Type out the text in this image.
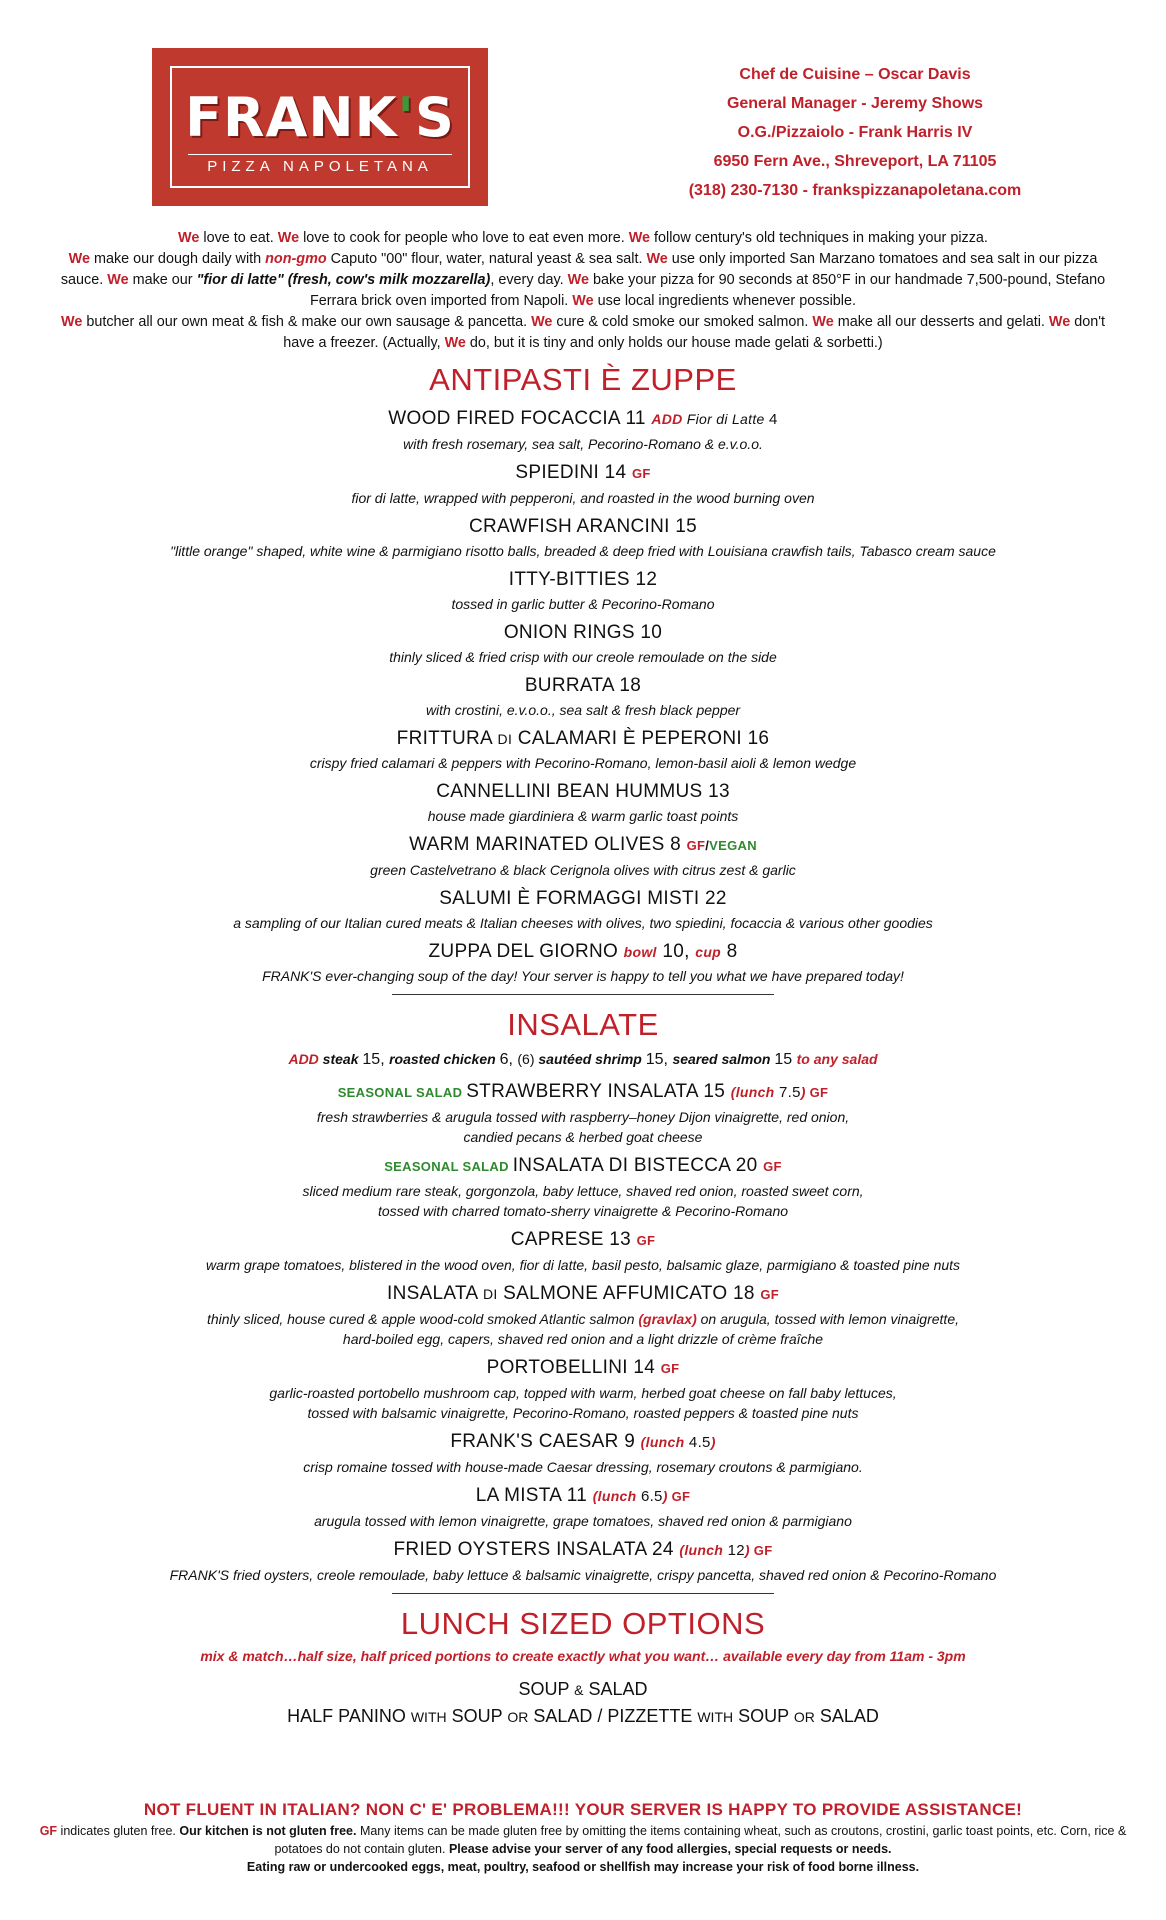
FRANK'S
PIZZA NAPOLETANA
Chef de Cuisine – Oscar Davis
General Manager - Jeremy Shows
O.G./Pizzaiolo - Frank Harris IV
6950 Fern Ave., Shreveport, LA 71105
(318) 230-7130 - frankspizzanapoletana.com
We love to eat. We love to cook for people who love to eat even more. We follow century's old techniques in making your pizza.
We make our dough daily with non-gmo Caputo "00" flour, water, natural yeast & sea salt. We use only imported San Marzano tomatoes and sea salt in our pizza sauce. We make our "fior di latte" (fresh, cow's milk mozzarella), every day. We bake your pizza for 90 seconds at 850°F in our handmade 7,500-pound, Stefano Ferrara brick oven imported from Napoli. We use local ingredients whenever possible.
We butcher all our own meat & fish & make our own sausage & pancetta. We cure & cold smoke our smoked salmon. We make all our desserts and gelati. We don't have a freezer. (Actually, We do, but it is tiny and only holds our house made gelati & sorbetti.)
ANTIPASTI È ZUPPE
WOOD FIRED FOCACCIA 11 ADD Fior di Latte 4
with fresh rosemary, sea salt, Pecorino-Romano & e.v.o.o.
SPIEDINI 14 GF
fior di latte, wrapped with pepperoni, and roasted in the wood burning oven
CRAWFISH ARANCINI 15
"little orange" shaped, white wine & parmigiano risotto balls, breaded & deep fried with Louisiana crawfish tails, Tabasco cream sauce
ITTY-BITTIES 12
tossed in garlic butter & Pecorino-Romano
ONION RINGS 10
thinly sliced & fried crisp with our creole remoulade on the side
BURRATA 18
with crostini, e.v.o.o., sea salt & fresh black pepper
FRITTURA DI CALAMARI È PEPERONI 16
crispy fried calamari & peppers with Pecorino-Romano, lemon-basil aioli & lemon wedge
CANNELLINI BEAN HUMMUS 13
house made giardiniera & warm garlic toast points
WARM MARINATED OLIVES 8 GF/VEGAN
green Castelvetrano & black Cerignola olives with citrus zest & garlic
SALUMI È FORMAGGI MISTI 22
a sampling of our Italian cured meats & Italian cheeses with olives, two spiedini, focaccia & various other goodies
ZUPPA DEL GIORNO bowl 10, cup 8
FRANK'S ever-changing soup of the day! Your server is happy to tell you what we have prepared today!
INSALATE
ADD steak 15, roasted chicken 6, (6) sautéed shrimp 15, seared salmon 15 to any salad
SEASONAL SALAD STRAWBERRY INSALATA 15 (lunch 7.5) GF
fresh strawberries & arugula tossed with raspberry–honey Dijon vinaigrette, red onion,
candied pecans & herbed goat cheese
SEASONAL SALAD INSALATA DI BISTECCA 20 GF
sliced medium rare steak, gorgonzola, baby lettuce, shaved red onion, roasted sweet corn,
tossed with charred tomato-sherry vinaigrette & Pecorino-Romano
CAPRESE 13 GF
warm grape tomatoes, blistered in the wood oven, fior di latte, basil pesto, balsamic glaze, parmigiano & toasted pine nuts
INSALATA DI SALMONE AFFUMICATO 18 GF
thinly sliced, house cured & apple wood-cold smoked Atlantic salmon (gravlax) on arugula, tossed with lemon vinaigrette,
hard-boiled egg, capers, shaved red onion and a light drizzle of crème fraîche
PORTOBELLINI 14 GF
garlic-roasted portobello mushroom cap, topped with warm, herbed goat cheese on fall baby lettuces,
tossed with balsamic vinaigrette, Pecorino-Romano, roasted peppers & toasted pine nuts
FRANK'S CAESAR 9 (lunch 4.5)
crisp romaine tossed with house-made Caesar dressing, rosemary croutons & parmigiano.
LA MISTA 11 (lunch 6.5) GF
arugula tossed with lemon vinaigrette, grape tomatoes, shaved red onion & parmigiano
FRIED OYSTERS INSALATA 24 (lunch 12) GF
FRANK'S fried oysters, creole remoulade, baby lettuce & balsamic vinaigrette, crispy pancetta, shaved red onion & Pecorino-Romano
LUNCH SIZED OPTIONS
mix & match…half size, half priced portions to create exactly what you want… available every day from 11am - 3pm
SOUP & SALAD
HALF PANINO WITH SOUP OR SALAD / PIZZETTE WITH SOUP OR SALAD
NOT FLUENT IN ITALIAN? NON C' E' PROBLEMA!!! YOUR SERVER IS HAPPY TO PROVIDE ASSISTANCE!
GF indicates gluten free. Our kitchen is not gluten free. Many items can be made gluten free by omitting the items containing wheat, such as croutons, crostini, garlic toast points, etc. Corn, rice & potatoes do not contain gluten. Please advise your server of any food allergies, special requests or needs.
Eating raw or undercooked eggs, meat, poultry, seafood or shellfish may increase your risk of food borne illness.
